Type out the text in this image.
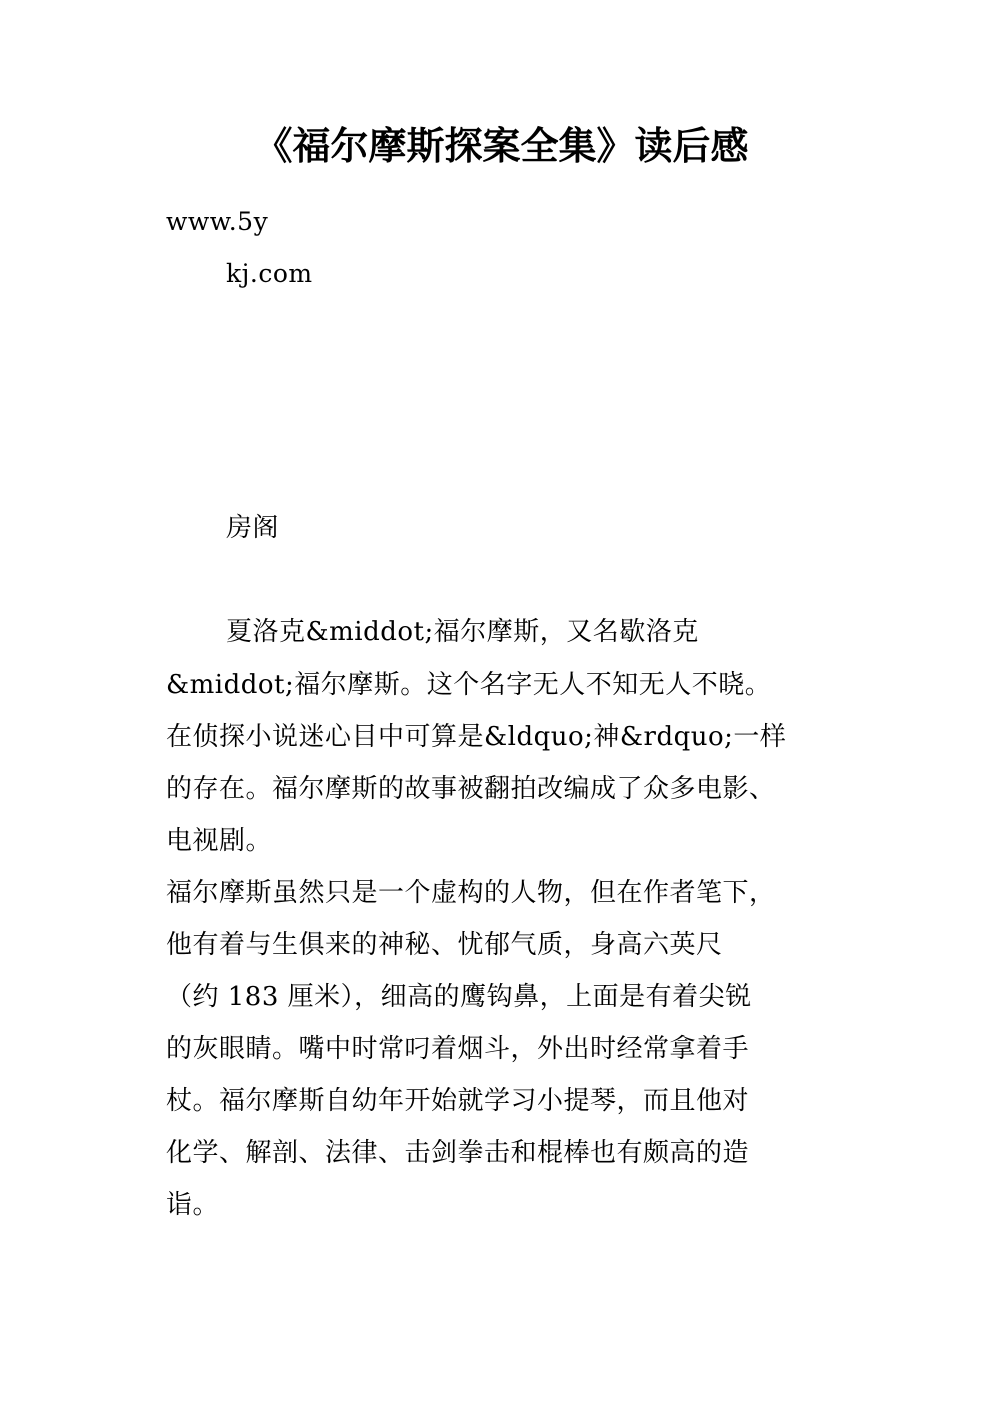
《福尔摩斯探案全集》读后感
www.5y
kj.com
房阁
夏洛克&middot;福尔摩斯，又名歇洛克
&middot;福尔摩斯。这个名字无人不知无人不晓。
在侦探小说迷心目中可算是&ldquo;神&rdquo;一样
的存在。福尔摩斯的故事被翻拍改编成了众多电影、
电视剧。
福尔摩斯虽然只是一个虚构的人物，但在作者笔下，
他有着与生俱来的神秘、忧郁气质，身高六英尺
（约 183 厘米），细高的鹰钩鼻，上面是有着尖锐
的灰眼睛。嘴中时常叼着烟斗，外出时经常拿着手
杖。福尔摩斯自幼年开始就学习小提琴，而且他对
化学、解剖、法律、击剑拳击和棍棒也有颇高的造
诣。
